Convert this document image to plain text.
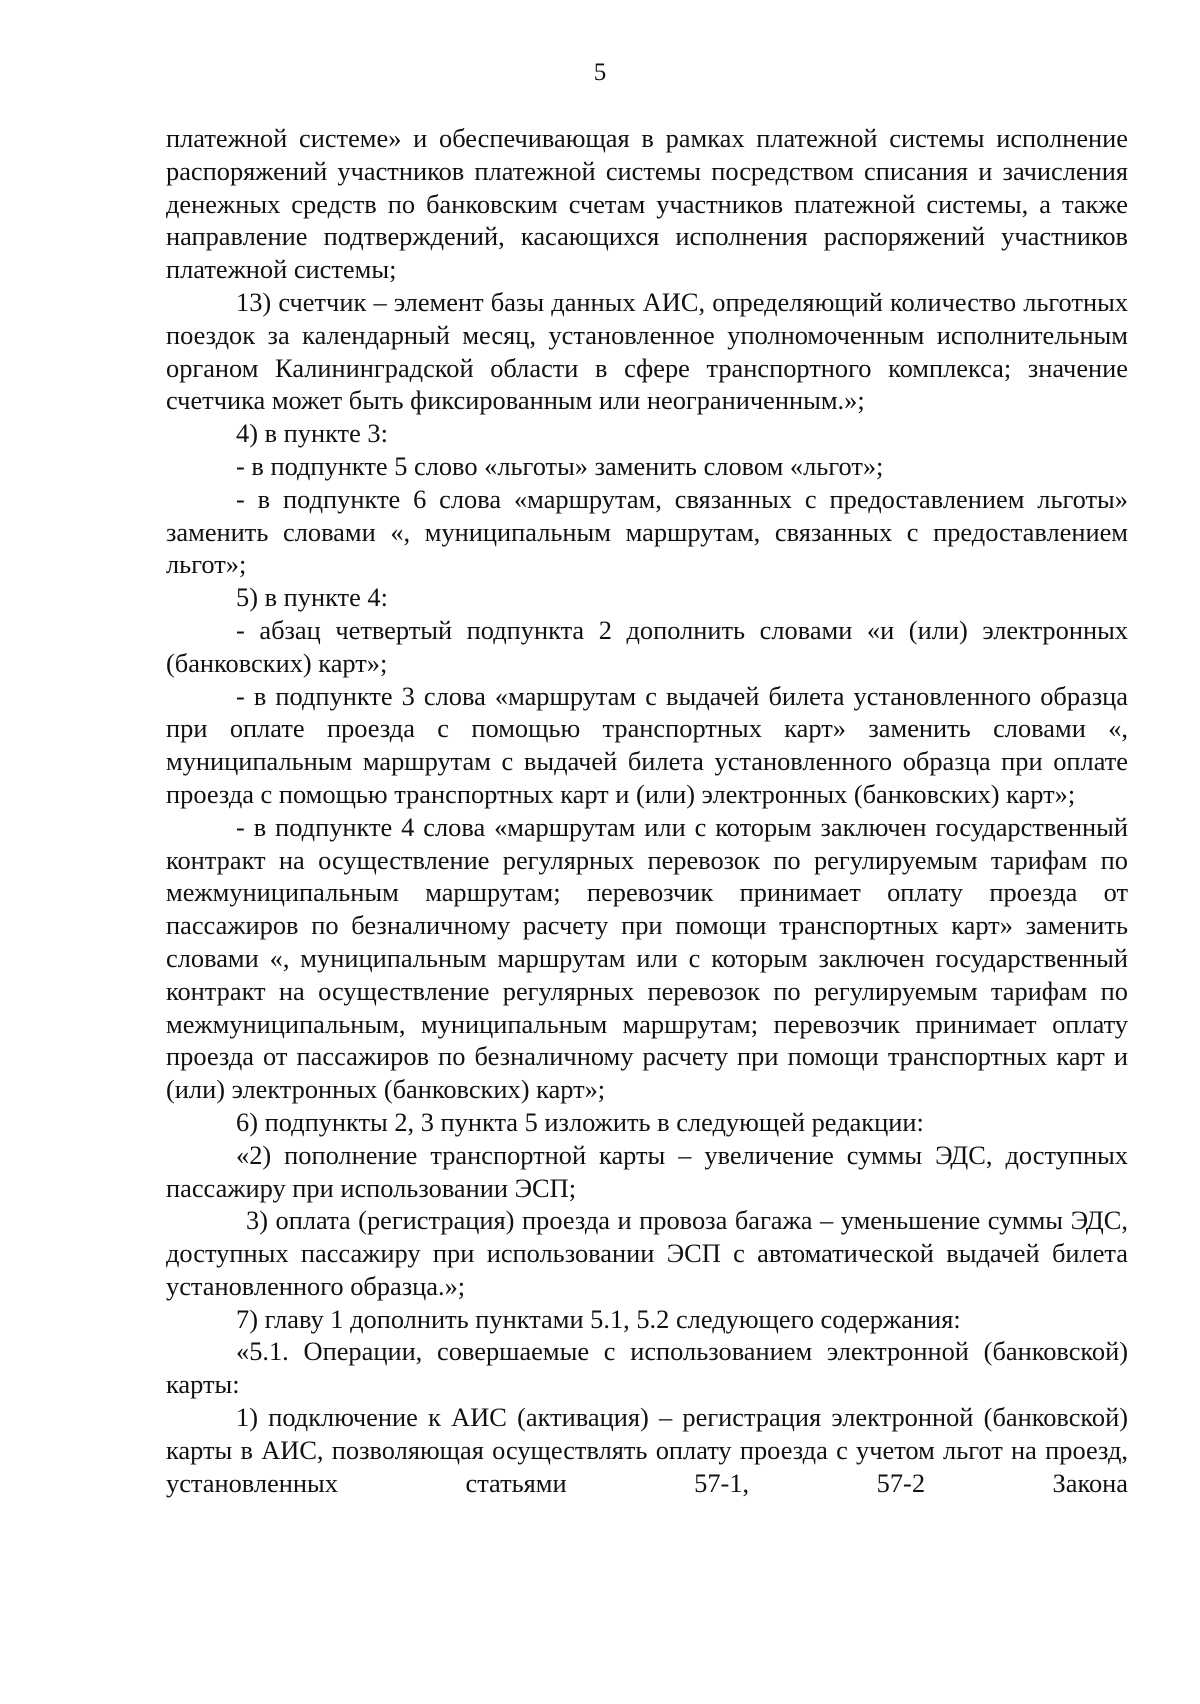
5

платежной системе» и обеспечивающая в рамках платежной системы исполнение распоряжений участников платежной системы посредством списания и зачисления денежных средств по банковским счетам участников платежной системы, а также направление подтверждений, касающихся исполнения распоряжений участников платежной системы;

13) счетчик – элемент базы данных АИС, определяющий количество льготных поездок за календарный месяц, установленное уполномоченным исполнительным органом Калининградской области в сфере транспортного комплекса; значение счетчика может быть фиксированным или неограниченным.»;

4) в пункте 3:

- в подпункте 5 слово «льготы» заменить словом «льгот»;

- в подпункте 6 слова «маршрутам, связанных с предоставлением льготы» заменить словами «, муниципальным маршрутам, связанных с предоставлением льгот»;

5) в пункте 4:

- абзац четвертый подпункта 2 дополнить словами «и (или) электронных (банковских) карт»;

- в подпункте 3 слова «маршрутам с выдачей билета установленного образца при оплате проезда с помощью транспортных карт» заменить словами «, муниципальным маршрутам с выдачей билета установленного образца при оплате проезда с помощью транспортных карт и (или) электронных (банковских) карт»;

- в подпункте 4 слова «маршрутам или с которым заключен государственный контракт на осуществление регулярных перевозок по регулируемым тарифам по межмуниципальным маршрутам; перевозчик принимает оплату проезда от пассажиров по безналичному расчету при помощи транспортных карт» заменить словами «, муниципальным маршрутам или с которым заключен государственный контракт на осуществление регулярных перевозок по регулируемым тарифам по межмуниципальным, муниципальным маршрутам; перевозчик принимает оплату проезда от пассажиров по безналичному расчету при помощи транспортных карт и (или) электронных (банковских) карт»;

6) подпункты 2, 3 пункта 5 изложить в следующей редакции:

«2) пополнение транспортной карты – увеличение суммы ЭДС, доступных пассажиру при использовании ЭСП;

3) оплата (регистрация) проезда и провоза багажа – уменьшение суммы ЭДС, доступных пассажиру при использовании ЭСП с автоматической выдачей билета установленного образца.»;

7) главу 1 дополнить пунктами 5.1, 5.2 следующего содержания:

«5.1. Операции, совершаемые с использованием электронной (банковской) карты:

1) подключение к АИС (активация) – регистрация электронной (банковской) карты в АИС, позволяющая осуществлять оплату проезда с учетом льгот на проезд, установленных статьями 57-1, 57-2 Закона
